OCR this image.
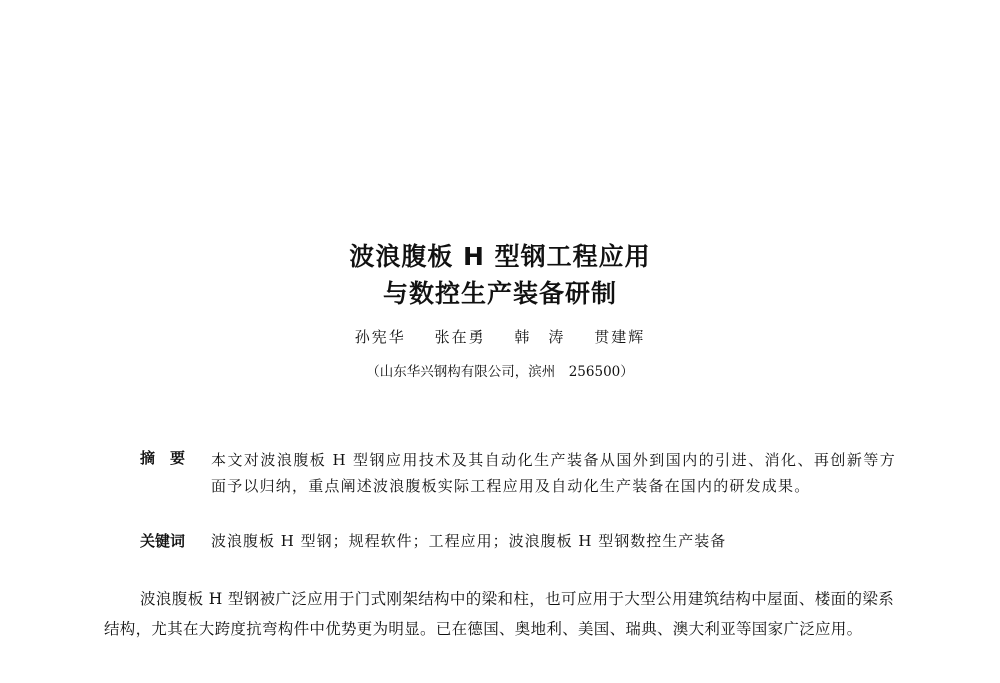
波浪腹板 H 型钢工程应用
与数控生产装备研制
孙宪华 张在勇 韩　涛 贯建辉
（山东华兴钢构有限公司，滨州　256500）
摘　要 本文对波浪腹板 H 型钢应用技术及其自动化生产装备从国外到国内的引进、消化、再创新等方面予以归纳，重点阐述波浪腹板实际工程应用及自动化生产装备在国内的研发成果。
关键词 波浪腹板 H 型钢；规程软件；工程应用；波浪腹板 H 型钢数控生产装备
波浪腹板 H 型钢被广泛应用于门式刚架结构中的梁和柱，也可应用于大型公用建筑结构中屋面、楼面的梁系结构，尤其在大跨度抗弯构件中优势更为明显。已在德国、奥地利、美国、瑞典、澳大利亚等国家广泛应用。
